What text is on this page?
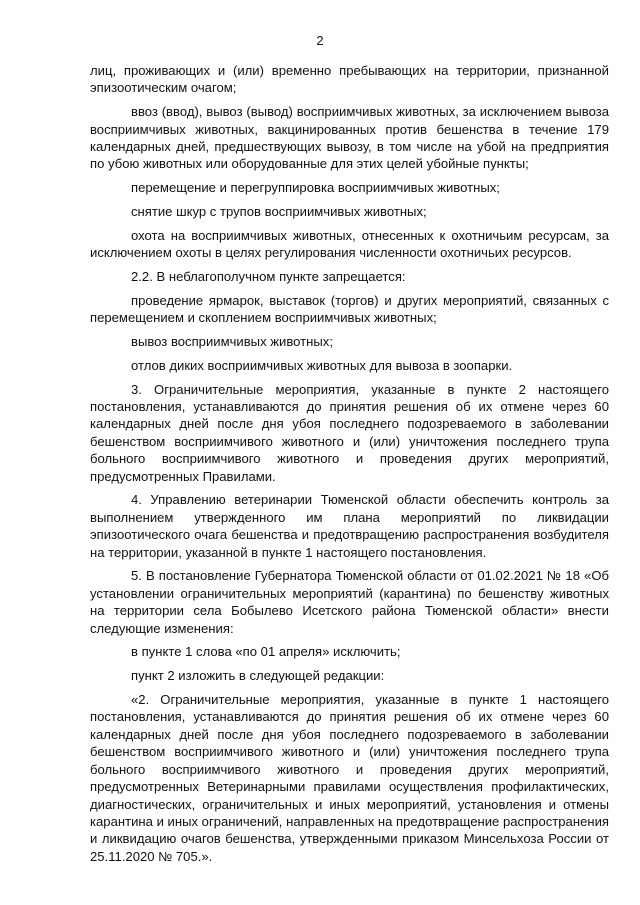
2

лиц, проживающих и (или) временно пребывающих на территории, признанной эпизоотическим очагом;

ввоз (ввод), вывоз (вывод) восприимчивых животных, за исключением вывоза восприимчивых животных, вакцинированных против бешенства в течение 179 календарных дней, предшествующих вывозу, в том числе на убой на предприятия по убою животных или оборудованные для этих целей убойные пункты;

перемещение и перегруппировка восприимчивых животных;

снятие шкур с трупов восприимчивых животных;

охота на восприимчивых животных, отнесенных к охотничьим ресурсам, за исключением охоты в целях регулирования численности охотничьих ресурсов.

2.2. В неблагополучном пункте запрещается:

проведение ярмарок, выставок (торгов) и других мероприятий, связанных с перемещением и скоплением восприимчивых животных;

вывоз восприимчивых животных;

отлов диких восприимчивых животных для вывоза в зоопарки.

3. Ограничительные мероприятия, указанные в пункте 2 настоящего постановления, устанавливаются до принятия решения об их отмене через 60 календарных дней после дня убоя последнего подозреваемого в заболевании бешенством восприимчивого животного и (или) уничтожения последнего трупа больного восприимчивого животного и проведения других мероприятий, предусмотренных Правилами.

4. Управлению ветеринарии Тюменской области обеспечить контроль за выполнением утвержденного им плана мероприятий по ликвидации эпизоотического очага бешенства и предотвращению распространения возбудителя на территории, указанной в пункте 1 настоящего постановления.

5. В постановление Губернатора Тюменской области от 01.02.2021 № 18 «Об установлении ограничительных мероприятий (карантина) по бешенству животных на территории села Бобылево Исетского района Тюменской области» внести следующие изменения:

в пункте 1 слова «по 01 апреля» исключить;

пункт 2 изложить в следующей редакции:

«2. Ограничительные мероприятия, указанные в пункте 1 настоящего постановления, устанавливаются до принятия решения об их отмене через 60 календарных дней после дня убоя последнего подозреваемого в заболевании бешенством восприимчивого животного и (или) уничтожения последнего трупа больного восприимчивого животного и проведения других мероприятий, предусмотренных Ветеринарными правилами осуществления профилактических, диагностических, ограничительных и иных мероприятий, установления и отмены карантина и иных ограничений, направленных на предотвращение распространения и ликвидацию очагов бешенства, утвержденными приказом Минсельхоза России от 25.11.2020 № 705.».
